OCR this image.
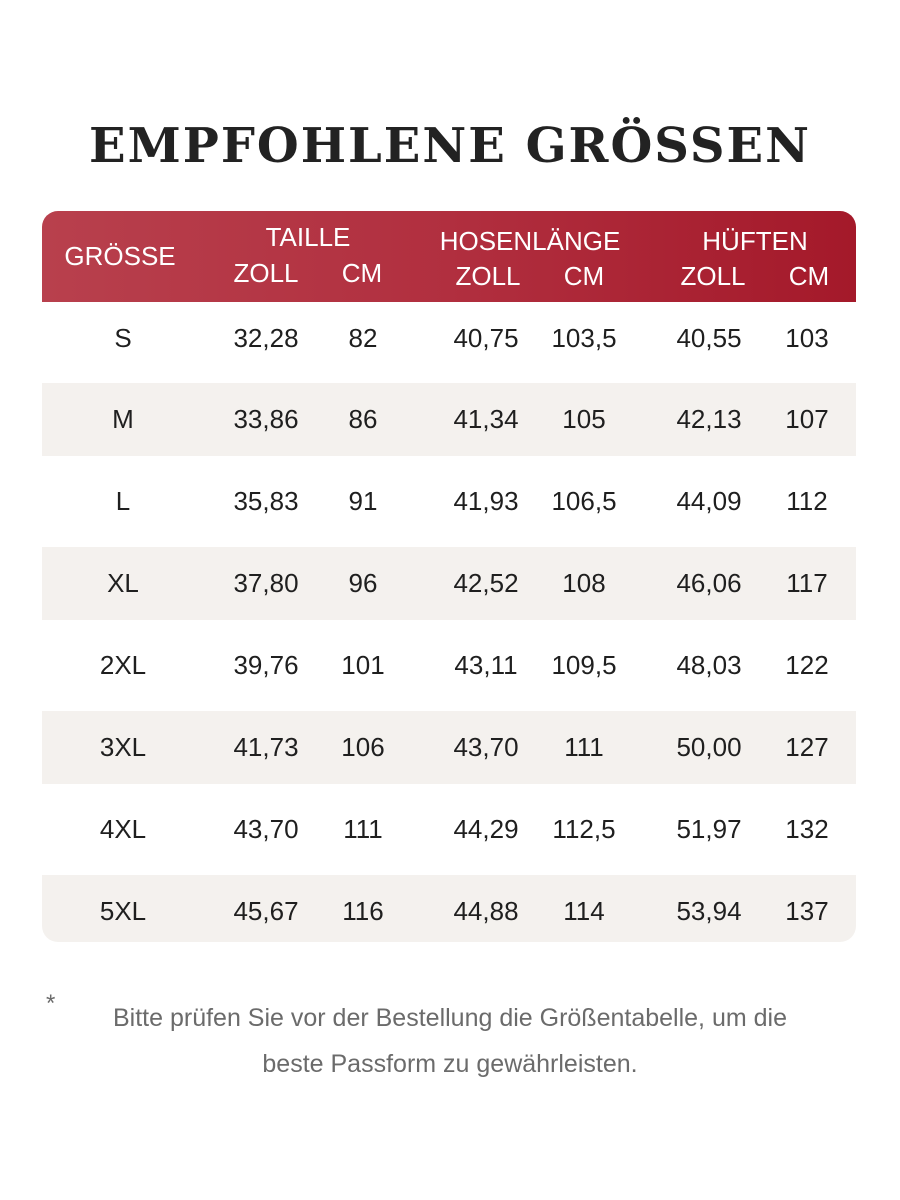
EMPFOHLENE GRÖSSEN
GRÖSSE
TAILLE
ZOLL CM
HOSENLÄNGE
ZOLL CM
HÜFTEN
ZOLL CM
S	32,28 82	40,75 103,5 40,55 103
M	33,86 86	41,34 105	42,13 107
L	35,83 91	41,93 106,5 44,09 112
XL	37,80 96	42,52 108	46,06 117
2XL	39,76 101	43,11 109,5 48,03 122
3XL	41,73 106	43,70 111	50,00 127
4XL	43,70 111	44,29 112,5 51,97 132
5XL	45,67 116	44,88 114	53,94 137
*
Bitte prüfen Sie vor der Bestellung die Größentabelle, um die
beste Passform zu gewährleisten.
